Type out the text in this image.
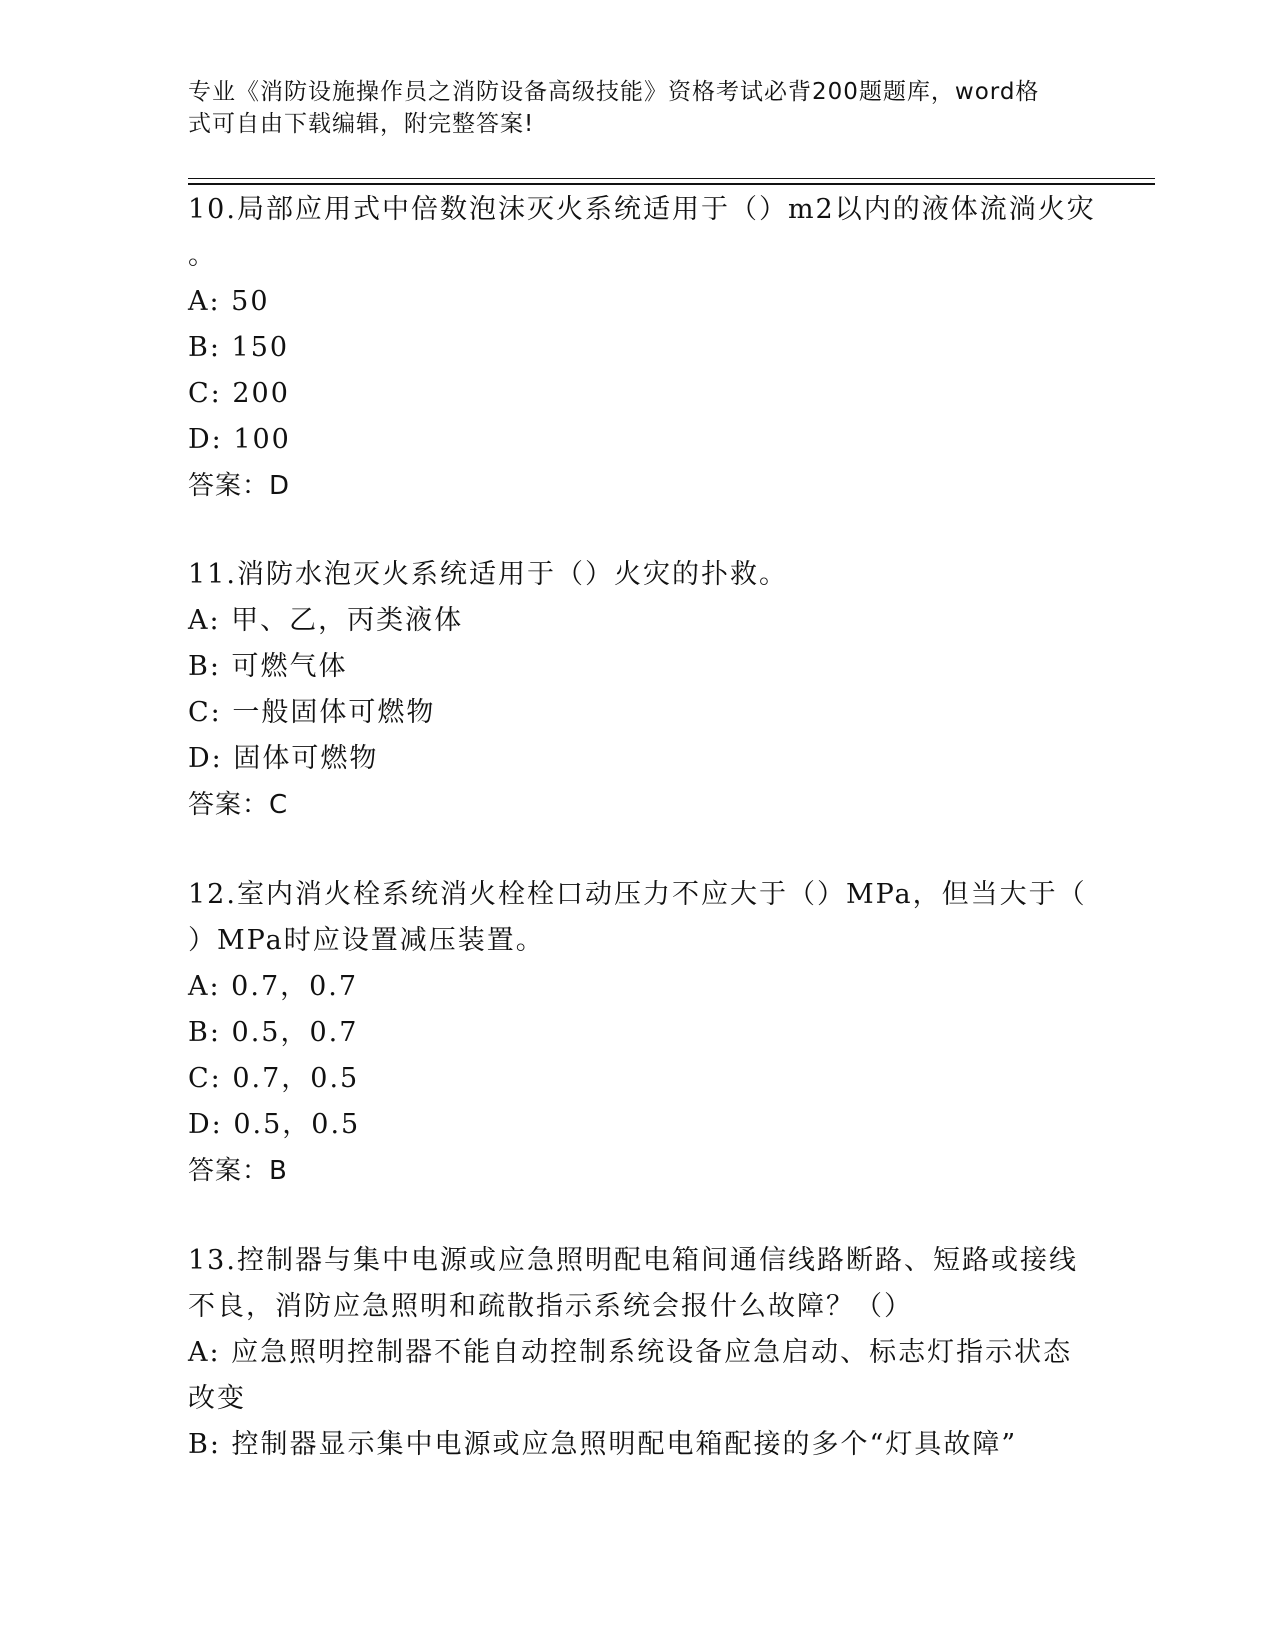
专业《消防设施操作员之消防设备高级技能》资格考试必背200题题库，word格
式可自由下载编辑，附完整答案!
10.局部应用式中倍数泡沫灭火系统适用于（）m2以内的液体流淌火灾
。
A: 50
B: 150
C: 200
D: 100
答案：D
11.消防水泡灭火系统适用于（）火灾的扑救。
A: 甲、乙，丙类液体
B: 可燃气体
C: 一般固体可燃物
D: 固体可燃物
答案：C
12.室内消火栓系统消火栓栓口动压力不应大于（）MPa，但当大于（
）MPa时应设置减压装置。
A: 0.7，0.7
B: 0.5，0.7
C: 0.7，0.5
D: 0.5，0.5
答案：B
13.控制器与集中电源或应急照明配电箱间通信线路断路、短路或接线
不良，消防应急照明和疏散指示系统会报什么故障？（）
A: 应急照明控制器不能自动控制系统设备应急启动、标志灯指示状态
改变
B: 控制器显示集中电源或应急照明配电箱配接的多个“灯具故障”
